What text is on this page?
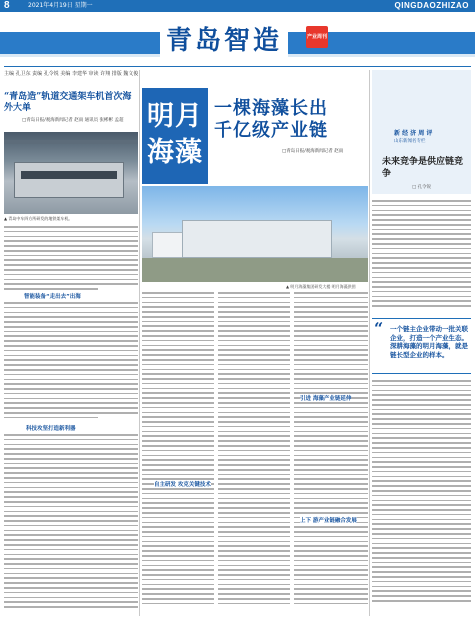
8	2021年4月19日 星期一	QINGDAOZHIZAO
青岛智造	产业周刊
主编 孔卫东 责编 孔令锐 美编 李建华 审读 许翔 排版 魏文俊
“青岛造”轨道交通架车机首次海外大单
□青岛日报/观海新闻记者 赵雨 通讯员 张彬彬 孟超
▲ 青岛中车四方所研发的地铁架车机。
智能装备“走出去”出海
科技攻坚打造新利器
明月
海藻
一棵海藻长出
千亿级产业链
□青岛日报/观海新闻记者 赵雨
▲ 明月海藻集团研发大楼 明月海藻供图
自主研发 攻克关键技术
引进 海藻产业链延伸
上下 游产业链融合发展
新 经 济 周 评
山东新闻名专栏
未来竞争是供应链竞争
□ 孔令锐
“ 一个链主企业带动一批关联企业，打造一个产业生态。深耕海藻的明月海藻，就是链长型企业的样本。
